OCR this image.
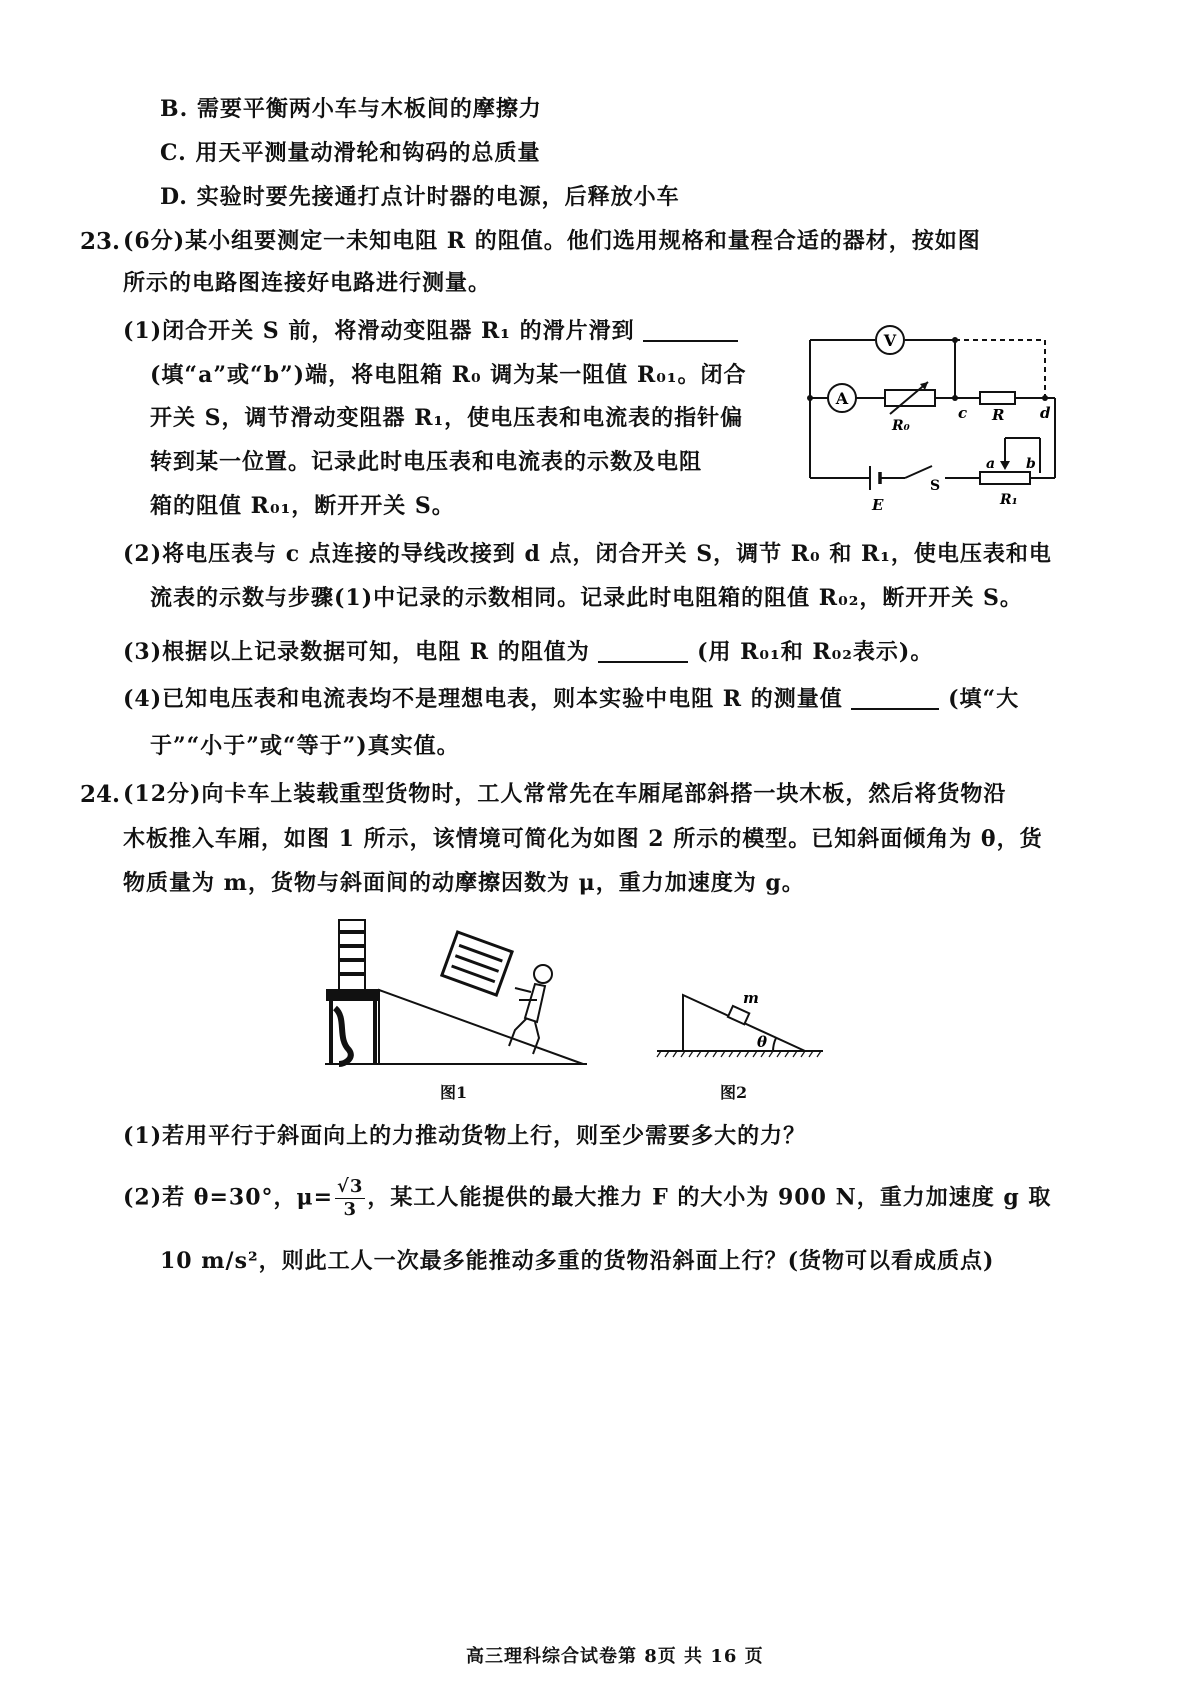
B. 需要平衡两小车与木板间的摩擦力
C. 用天平测量动滑轮和钩码的总质量
D. 实验时要先接通打点计时器的电源，后释放小车
23. (6分)某小组要测定一未知电阻 R 的阻值。他们选用规格和量程合适的器材，按如图
所示的电路图连接好电路进行测量。
(1)闭合开关 S 前，将滑动变阻器 R₁ 的滑片滑到
(填“a”或“b”)端，将电阻箱 R₀ 调为某一阻值 R₀₁。闭合
开关 S，调节滑动变阻器 R₁，使电压表和电流表的指针偏
转到某一位置。记录此时电压表和电流表的示数及电阻
箱的阻值 R₀₁，断开开关 S。
V
A
R₀
c R d
a b
E
S
R₁
(2)将电压表与 c 点连接的导线改接到 d 点，闭合开关 S，调节 R₀ 和 R₁，使电压表和电
流表的示数与步骤(1)中记录的示数相同。记录此时电阻箱的阻值 R₀₂，断开开关 S。
(3)根据以上记录数据可知，电阻 R 的阻值为	(用 R₀₁和 R₀₂表示)。
(4)已知电压表和电流表均不是理想电表，则本实验中电阻 R 的测量值	(填“大
于”“小于”或“等于”)真实值。
24. (12分)向卡车上装载重型货物时，工人常常先在车厢尾部斜搭一块木板，然后将货物沿
木板推入车厢，如图 1 所示，该情境可简化为如图 2 所示的模型。已知斜面倾角为 θ，货
物质量为 m，货物与斜面间的动摩擦因数为 μ，重力加速度为 g。
图1
m
θ
图2
(1)若用平行于斜面向上的力推动货物上行，则至少需要多大的力？
(2)若 θ=30°，$\mu= \frac{√3}{3}$ ，某工人能提供的最大推力 F 的大小为 900 N，重力加速度 g 取
10 m/s²，则此工人一次最多能推动多重的货物沿斜面上行？(货物可以看成质点)
高三理科综合试卷第 8页 共 16 页
